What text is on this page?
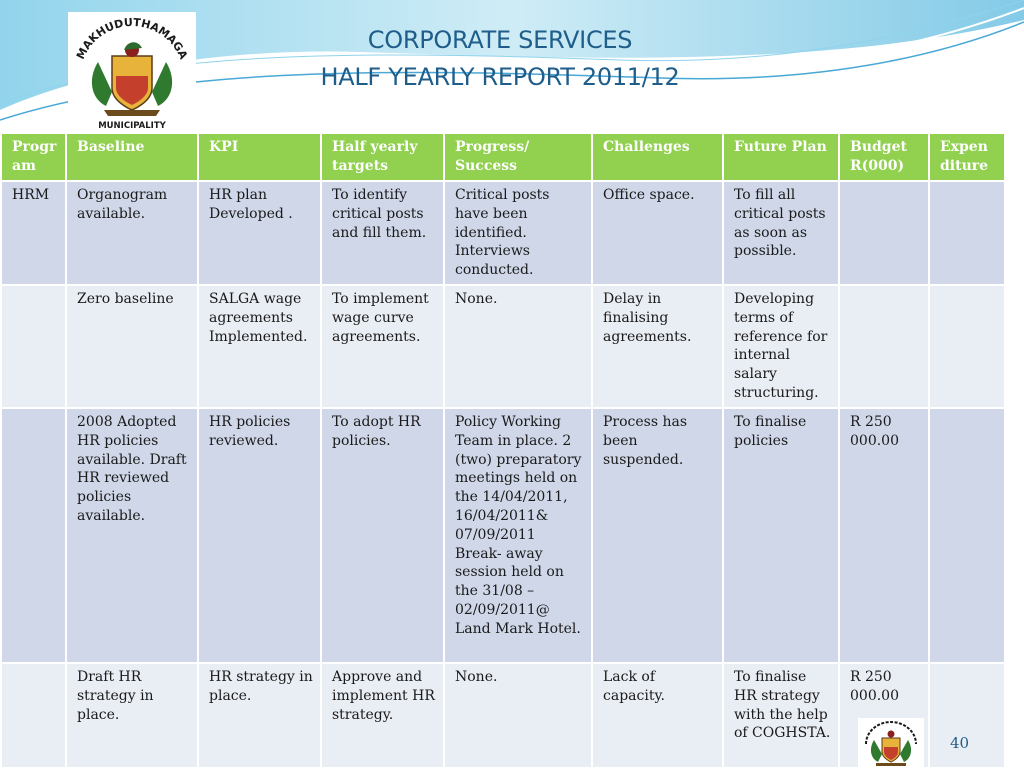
MAKHUDUTHAMAGA
MUNICIPALITY
CORPORATE SERVICES
HALF YEARLY REPORT 2011/12
Progr am	Baseline	KPI	Half yearly targets	Progress/ Success	Challenges	Future Plan	Budget R(000)	Expen diture
HRM	Organogram available.	HR plan Developed .	To identify critical posts and fill them.	Critical posts have been identified. Interviews conducted.	Office space.	To fill all critical posts as soon as possible.		
	Zero baseline	SALGA wage agreements Implemented.	To implement wage curve agreements.	None.	Delay in finalising agreements.	Developing terms of reference for internal salary structuring.		
	2008 Adopted HR policies available. Draft HR reviewed policies available.	HR policies reviewed.	To adopt HR policies.	Policy Working Team in place. 2 (two) preparatory meetings held on the 14/04/2011, 16/04/2011& 07/09/2011 Break- away session held on the 31/08 – 02/09/2011@ Land Mark Hotel.	Process has been suspended.	To finalise policies	R 250 000.00	
	Draft HR strategy in place.	HR strategy in place.	Approve and implement HR strategy.	None.	Lack of capacity.	To finalise HR strategy with the help of COGHSTA.	R 250 000.00	
40
